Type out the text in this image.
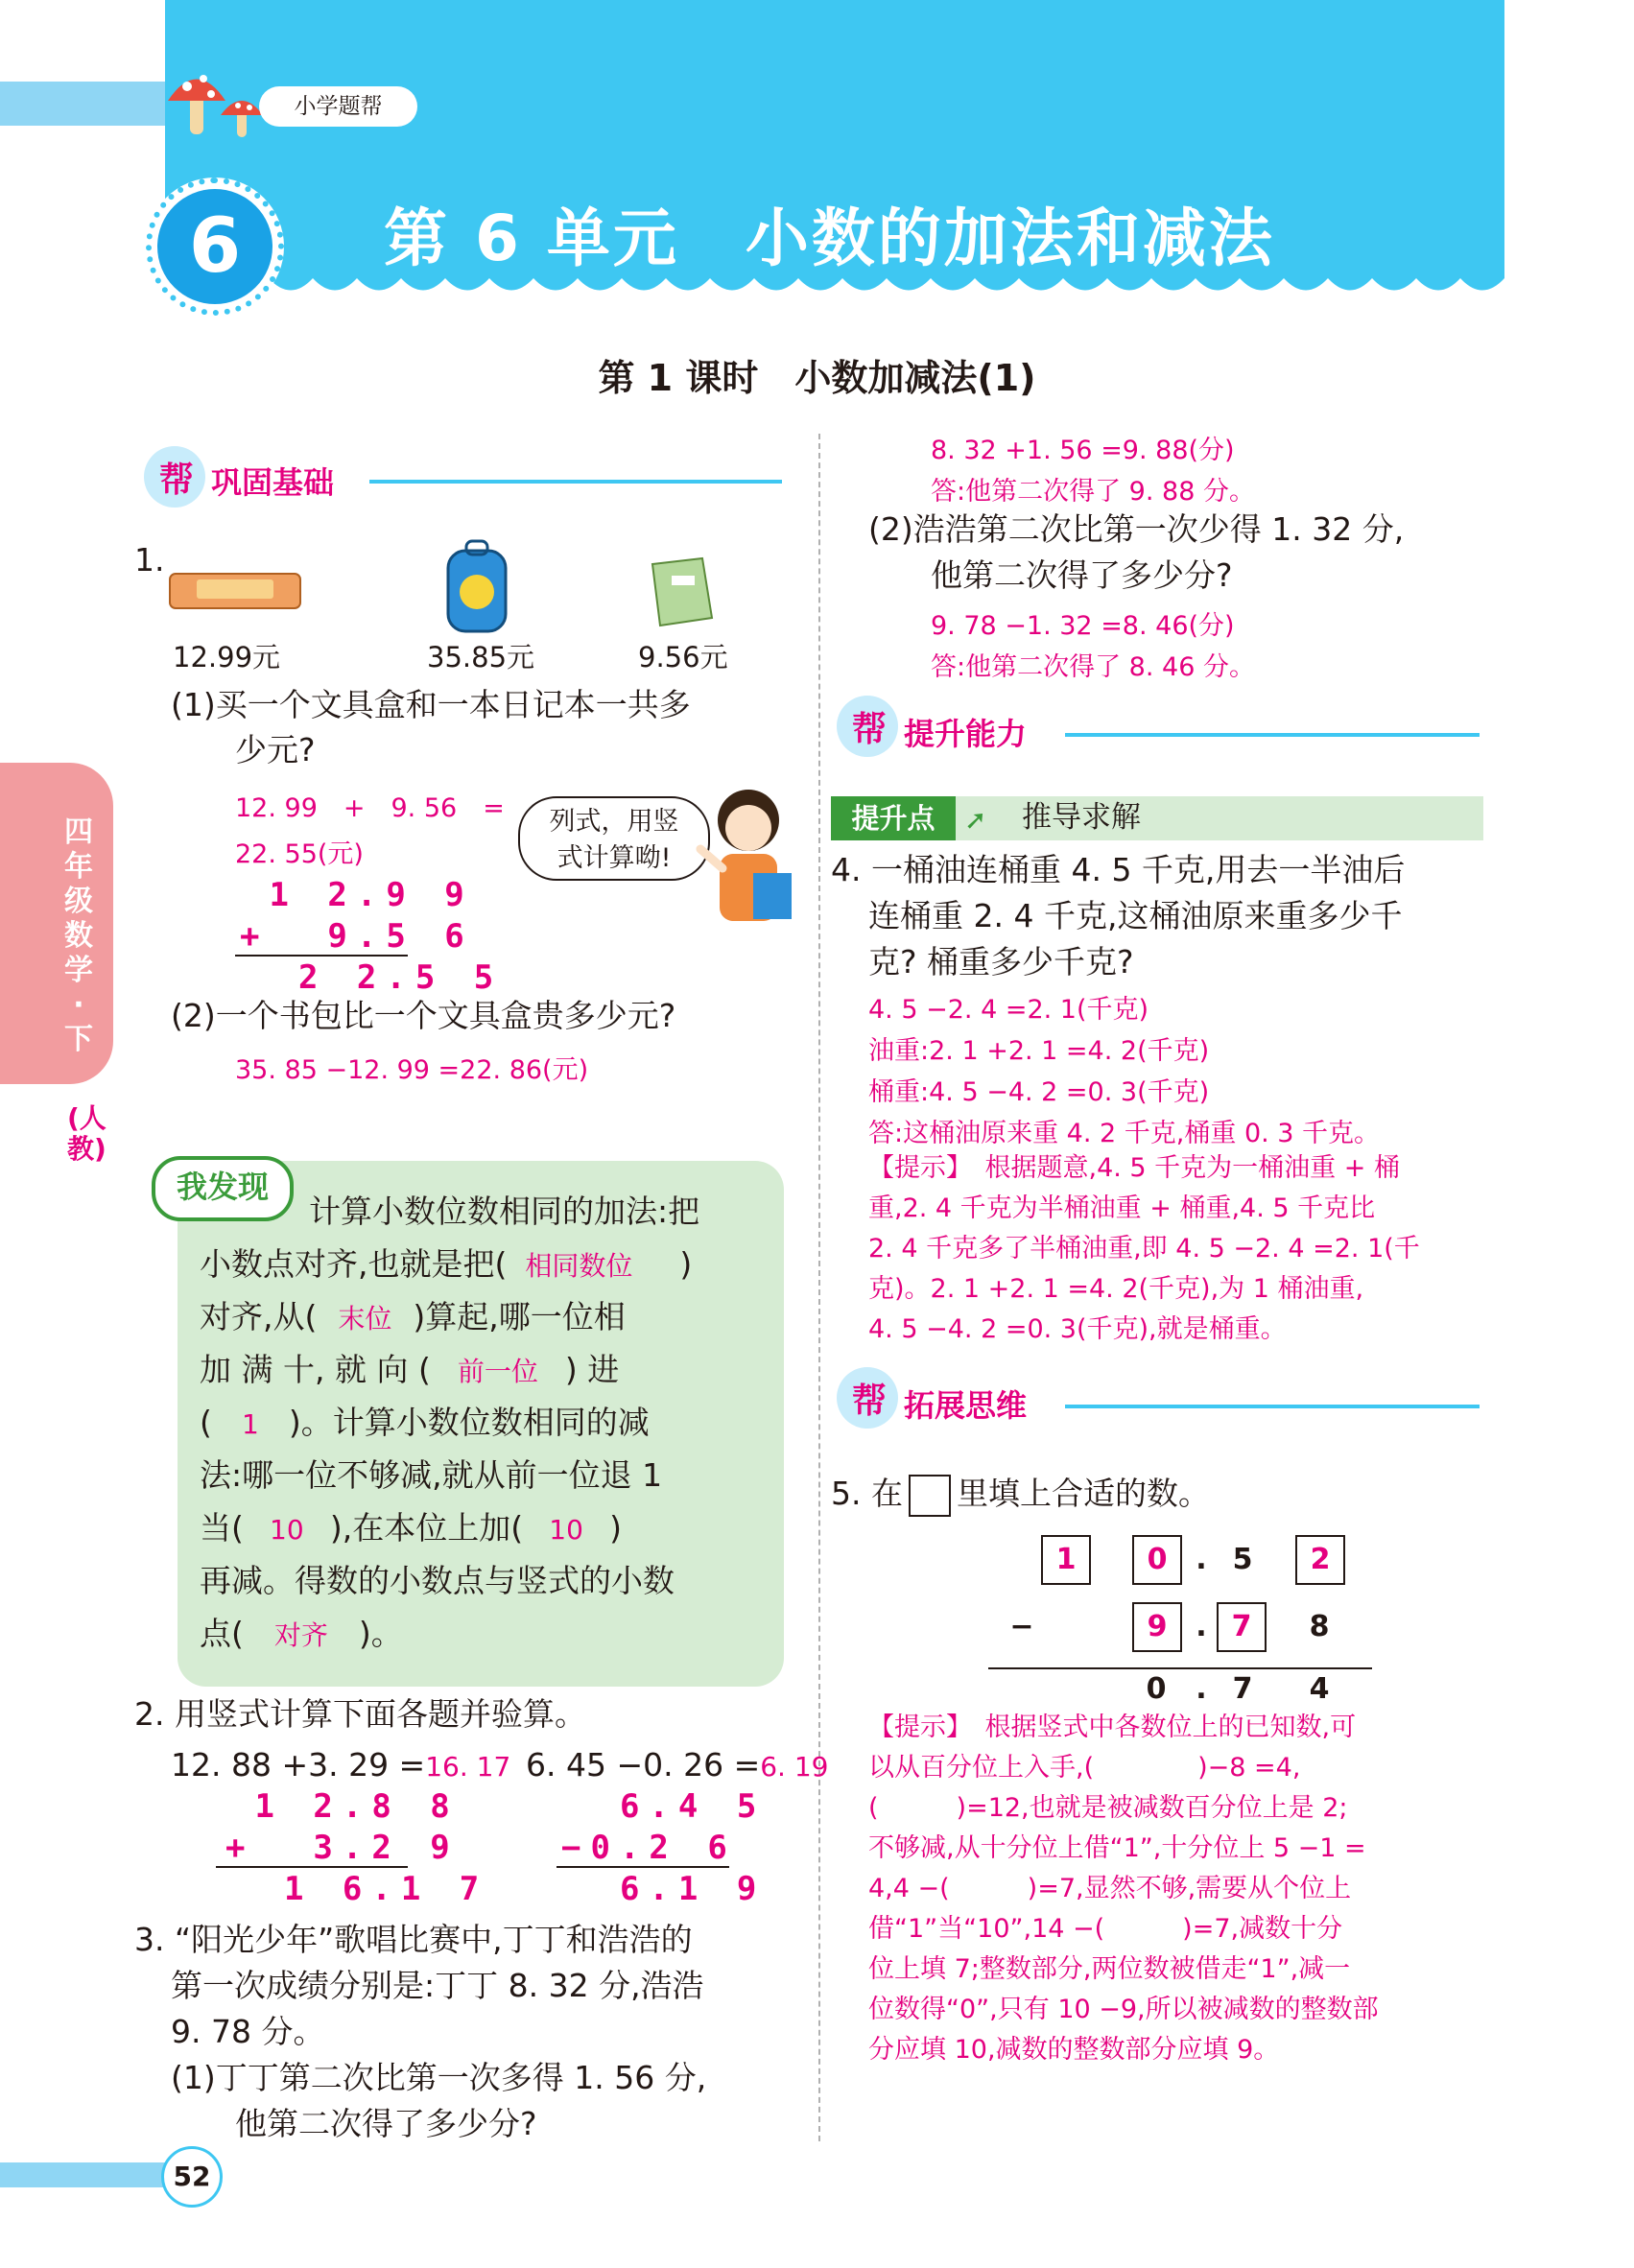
小学题帮
6	第 6 单元　小数的加法和减法
第 1 课时　小数加减法(1)
四年级数学·下
(人教)
帮 巩固基础
1.
12.99元	35.85元	9.56元
(1)买一个文具盒和一本日记本一共多
少元?
12. 99　+　9. 56　=
22. 55(元)
1 2.9 9
+  9.5 6
2 2.5 5
列式，用竖
式计算呦!
(2)一个书包比一个文具盒贵多少元?
35. 85 −12. 99 =22. 86(元)
我发现
计算小数位数相同的加法:把
小数点对齐,也就是把( 相同数位 )
对齐,从( 末位 )算起,哪一位相
加 满 十, 就 向 ( 前一位 ) 进
( 1 )。计算小数位数相同的减
法:哪一位不够减,就从前一位退 1
当( 10 ),在本位上加( 10 )
再减。得数的小数点与竖式的小数
点( 对齐 )。
2. 用竖式计算下面各题并验算。
12. 88 +3. 29 =16. 17 6. 45 −0. 26 =6. 19
1 2.8 8
+  3.2 9
1 6.1 7
6.4 5
−0.2 6
6.1 9
3. “阳光少年”歌唱比赛中,丁丁和浩浩的
第一次成绩分别是:丁丁 8. 32 分,浩浩
9. 78 分。
(1)丁丁第二次比第一次多得 1. 56 分,
他第二次得了多少分?
8. 32 +1. 56 =9. 88(分)
答:他第二次得了 9. 88 分。
(2)浩浩第二次比第一次少得 1. 32 分,
他第二次得了多少分?
9. 78 −1. 32 =8. 46(分)
答:他第二次得了 8. 46 分。
帮 提升能力
提升点	➚ 推导求解
4. 一桶油连桶重 4. 5 千克,用去一半油后
连桶重 2. 4 千克,这桶油原来重多少千
克? 桶重多少千克?
4. 5 −2. 4 =2. 1(千克)
油重:2. 1 +2. 1 =4. 2(千克)
桶重:4. 5 −4. 2 =0. 3(千克)
答:这桶油原来重 4. 2 千克,桶重 0. 3 千克。
【提示】　根据题意,4. 5 千克为一桶油重 + 桶
重,2. 4 千克为半桶油重 + 桶重,4. 5 千克比
2. 4 千克多了半桶油重,即 4. 5 −2. 4 =2. 1(千
克)。2. 1 +2. 1 =4. 2(千克),为 1 桶油重,
4. 5 −4. 2 =0. 3(千克),就是桶重。
帮 拓展思维
5. 在 里填上合适的数。
1	0 . 5	2
−	9 . 7	8
0	. 7	4
【提示】　根据竖式中各数位上的已知数,可
以从百分位上入手,(　　　　)−8 =4,
(　　　)=12,也就是被减数百分位上是 2;
不够减,从十分位上借“1”,十分位上 5 −1 =
4,4 −(　　　)=7,显然不够,需要从个位上
借“1”当“10”,14 −(　　　)=7,减数十分
位上填 7;整数部分,两位数被借走“1”,减一
位数得“0”,只有 10 −9,所以被减数的整数部
分应填 10,减数的整数部分应填 9。
52
